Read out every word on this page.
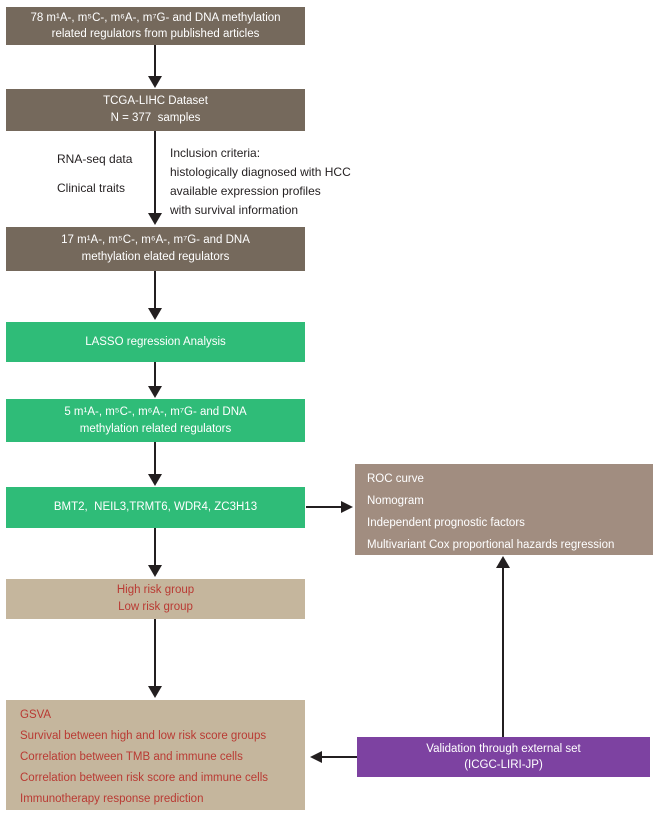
78 m¹A-, m⁵C-, m⁶A-, m⁷G- and DNA methylation
related regulators from published articles
TCGA-LIHC Dataset
N = 377  samples
RNA-seq data
Clinical traits
Inclusion criteria:
histologically diagnosed with HCC
available expression profiles
with survival information
17 m¹A-, m⁵C-, m⁶A-, m⁷G- and DNA
methylation elated regulators
LASSO regression Analysis
5 m¹A-, m⁵C-, m⁶A-, m⁷G- and DNA
methylation related regulators
BMT2,  NEIL3,TRMT6, WDR4, ZC3H13
ROC curve
Nomogram
Independent prognostic factors
Multivariant Cox proportional hazards regression
High risk group
Low risk group
GSVA
Survival between high and low risk score groups
Correlation between TMB and immune cells
Correlation between risk score and immune cells
Immunotherapy response prediction
Validation through external set
(ICGC-LIRI-JP)
